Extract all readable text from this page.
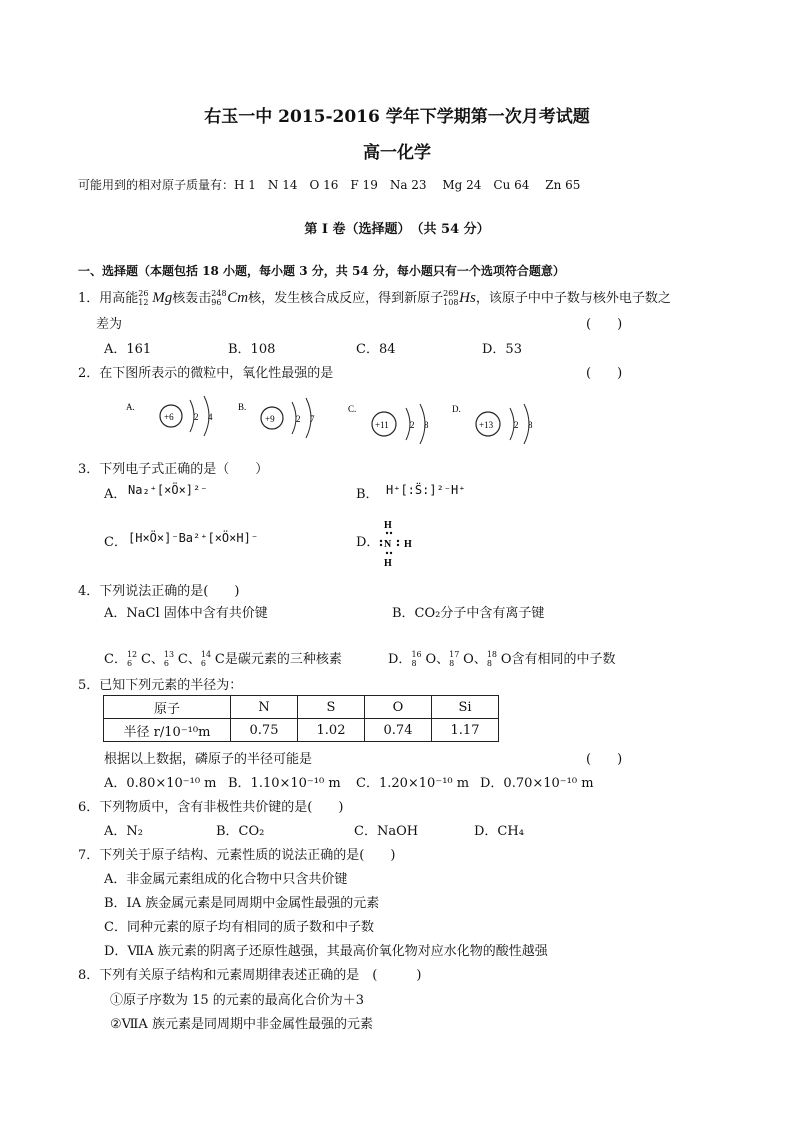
右玉一中 2015-2016 学年下学期第一次月考试题
高一化学
可能用到的相对原子质量有：H 1　N 14　O 16　F 19　Na 23　 Mg 24　Cu 64　 Zn 65
第 I 卷（选择题）　（共 54 分）
一、选择题（本题包括 18 小题，每小题 3 分，共 54 分，每小题只有一个选项符合题意）
1．用高能 26
12 Mg核轰击 248
96 Cm核，发生核合成反应，得到新原子 269
108 Hs，该原子中中子数与核外电子数之
差为	(　　)
A．161	B．108	C．84	D．53
2．在下图所表示的微粒中，氧化性最强的是	(　　)
A.
+6 2 4
B.
+9 2 7
C.
+11 2 8
D.
+13 2 8
3．下列电子式正确的是（　　）
A． Na₂⁺[×Ö×]²⁻	B． H⁺[:S̈:]²⁻H⁺
C． [H×Ö×]⁻Ba²⁺[×Ö×H]⁻	D．
H
N H
H
4．下列说法正确的是(　　)
A．NaCl 固体中含有共价键	B．CO₂分子中含有离子键
C． 12
6 C、 13
6 C、 14
6 C是碳元素的三种核素	D． 16
8 O、 17
8 O、 18
8 O含有相同的中子数
5．已知下列元素的半径为：
原子	N	S	O	Si
半径 r/10⁻¹⁰m	0.75	1.02	0.74	1.17
根据以上数据，磷原子的半径可能是	(　　)
A．0.80×10⁻¹⁰ m B．1.10×10⁻¹⁰ m C．1.20×10⁻¹⁰ m D．0.70×10⁻¹⁰ m
6．下列物质中，含有非极性共价键的是(　　)
A．N₂	B．CO₂	C．NaOH	D．CH₄
7．下列关于原子结构、元素性质的说法正确的是(　　)
A．非金属元素组成的化合物中只含共价键
B．ⅠA 族金属元素是同周期中金属性最强的元素
C．同种元素的原子均有相同的质子数和中子数
D．ⅦA 族元素的阴离子还原性越强，其最高价氧化物对应水化物的酸性越强
8．下列有关原子结构和元素周期律表述正确的是　(　　　)
①原子序数为 15 的元素的最高化合价为＋3
②ⅦA 族元素是同周期中非金属性最强的元素
